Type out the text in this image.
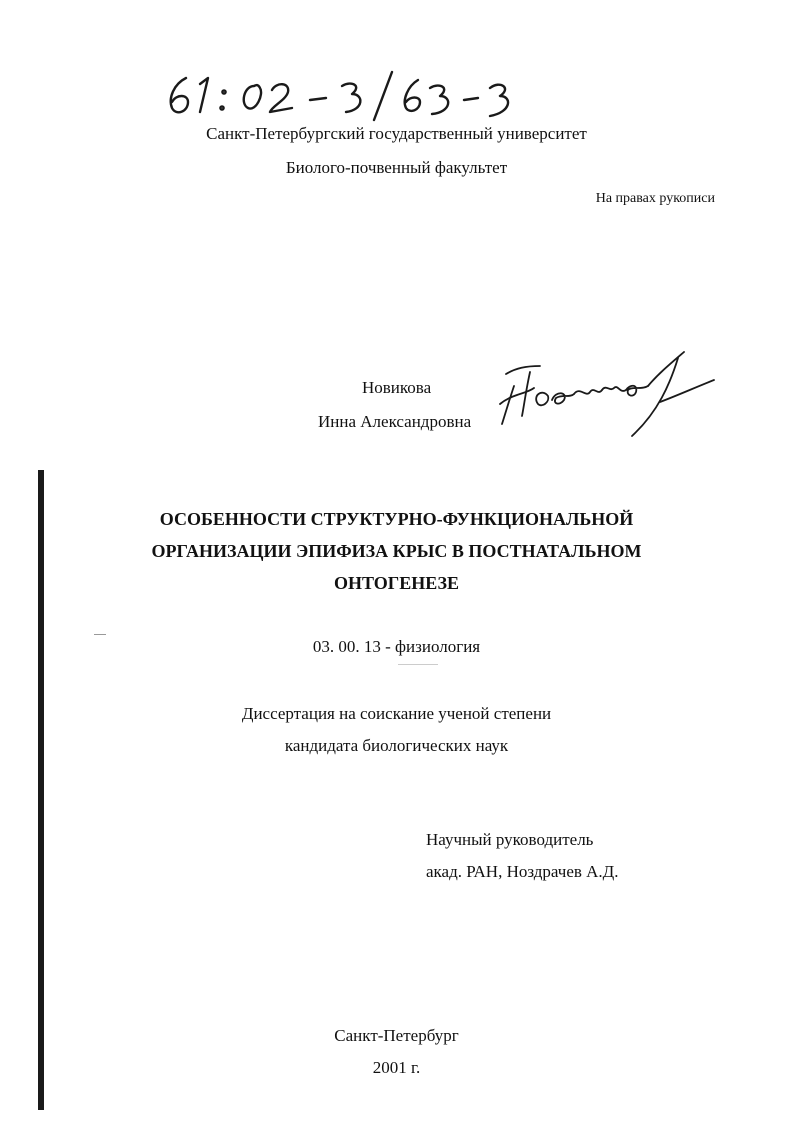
Санкт-Петербургский государственный университет
Биолого-почвенный факультет
На правах рукописи
Новикова
Инна Александровна
ОСОБЕННОСТИ СТРУКТУРНО-ФУНКЦИОНАЛЬНОЙ
ОРГАНИЗАЦИИ ЭПИФИЗА КРЫС В ПОСТНАТАЛЬНОМ
ОНТОГЕНЕЗЕ
03. 00. 13 - физиология
Диссертация на соискание ученой степени
кандидата биологических наук
Научный руководитель
акад. РАН, Ноздрачев А.Д.
Санкт-Петербург
2001 г.
